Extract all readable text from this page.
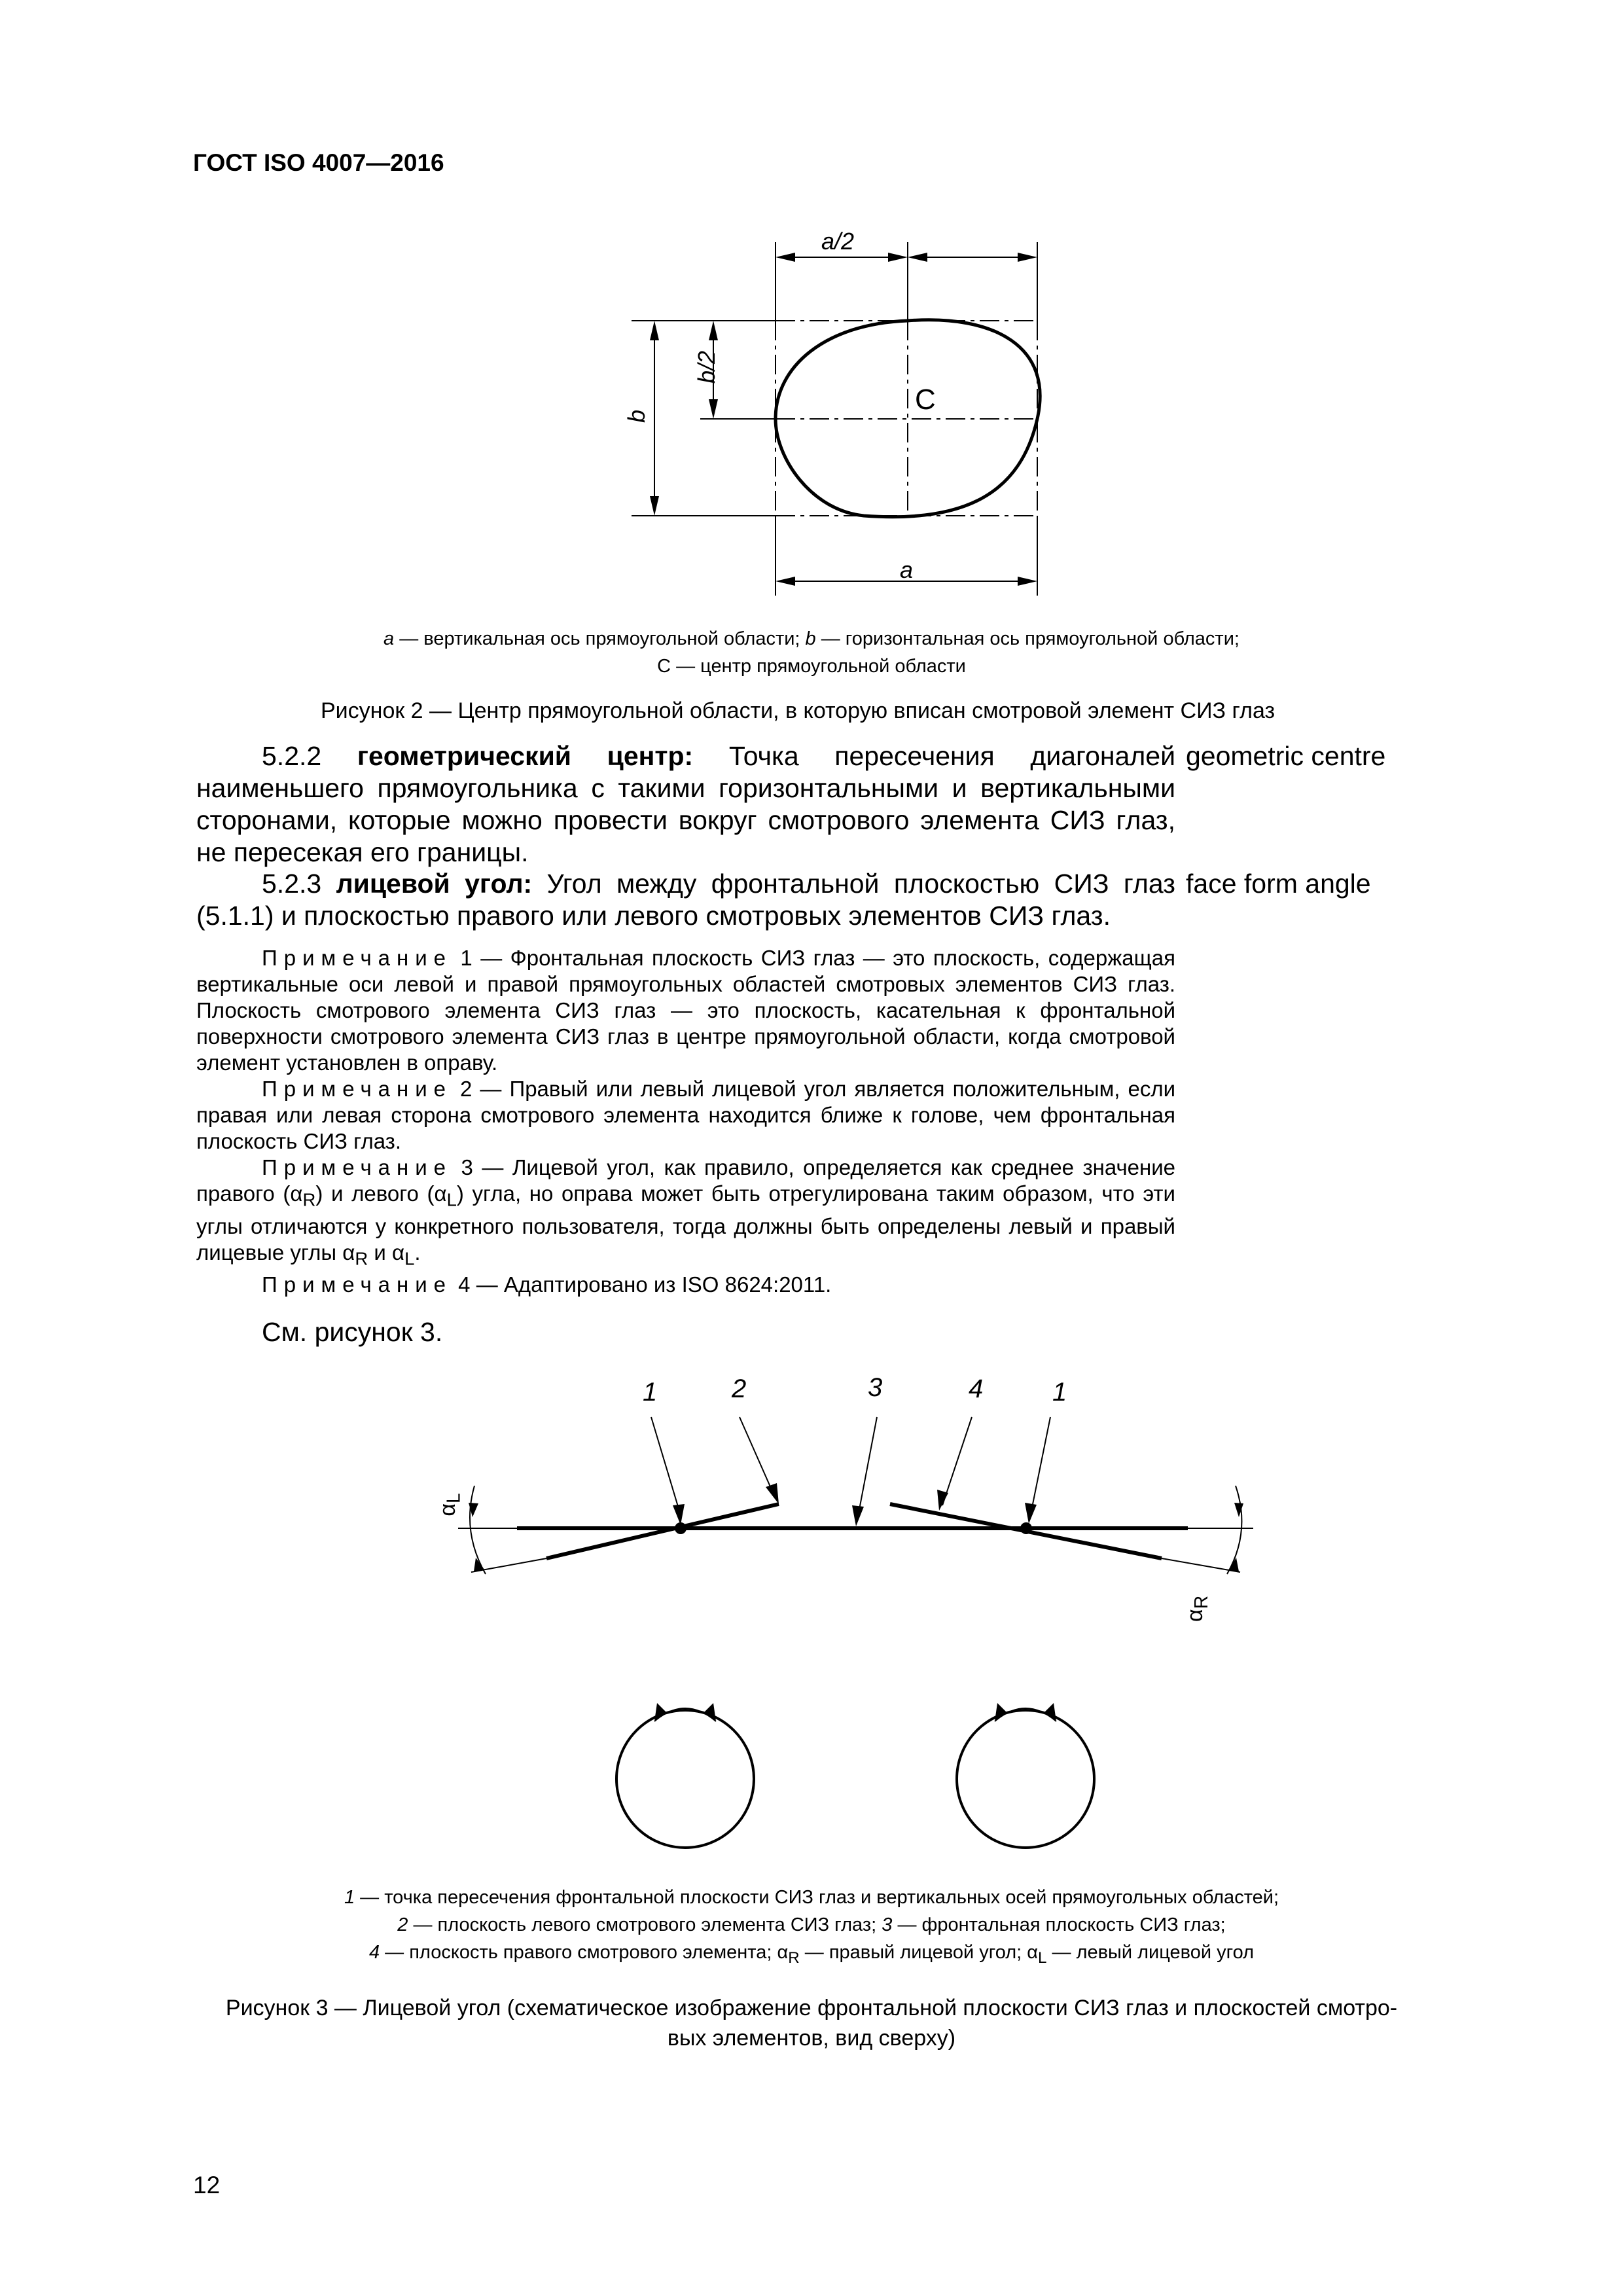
ГОСТ ISO 4007—2016
a/2
a
b/2
b
C
a — вертикальная ось прямоугольной области; b — горизонтальная ось прямоугольной области;
С — центр прямоугольной области
Рисунок 2 — Центр прямоугольной области, в которую вписан смотровой элемент СИЗ глаз

5.2.2 геометрический центр: Точка пересечения диагоналей наименьшего прямоугольника с такими горизонтальными и вертикальными сторонами, которые можно провести вокруг смотрового элемента СИЗ глаз, не пересекая его границы.

geometric centre

5.2.3 лицевой угол: Угол между фронтальной плоскостью СИЗ глаз (5.1.1) и плоскостью правого или левого смотровых элементов СИЗ глаз.

face form angle

Примечание 1 — Фронтальная плоскость СИЗ глаз — это плоскость, содержащая вертикальные оси левой и правой прямоугольных областей смотровых элементов СИЗ глаз. Плоскость смотрового элемента СИЗ глаз — это плоскость, касательная к фронтальной поверхности смотрового элемента СИЗ глаз в центре прямоугольной области, когда смотровой элемент установлен в оправу.

Примечание 2 — Правый или левый лицевой угол является положительным, если правая или левая сторона смотрового элемента находится ближе к голове, чем фронтальная плоскость СИЗ глаз.

Примечание 3 — Лицевой угол, как правило, определяется как среднее значение правого $(\alpha_R)$ и левого $(\alpha_L)$ угла, но оправа может быть отрегулирована таким образом, что эти углы отличаются у конкретного пользователя, тогда должны быть определены левый и правый лицевые углы $\alpha_R$ и $\alpha_L$.

Примечание 4 — Адаптировано из ISO 8624:2011.

См. рисунок 3.
1	2	3	4	1
$\alpha_L$
$\alpha_R$
1 — точка пересечения фронтальной плоскости СИЗ глаз и вертикальных осей прямоугольных областей;
2 — плоскость левого смотрового элемента СИЗ глаз; 3 — фронтальная плоскость СИЗ глаз;
4 — плоскость правого смотрового элемента; $\alpha_R$ — правый лицевой угол; $\alpha_L$ — левый лицевой угол
Рисунок 3 — Лицевой угол (схематическое изображение фронтальной плоскости СИЗ глаз и плоскостей смотро-
вых элементов, вид сверху)
12
